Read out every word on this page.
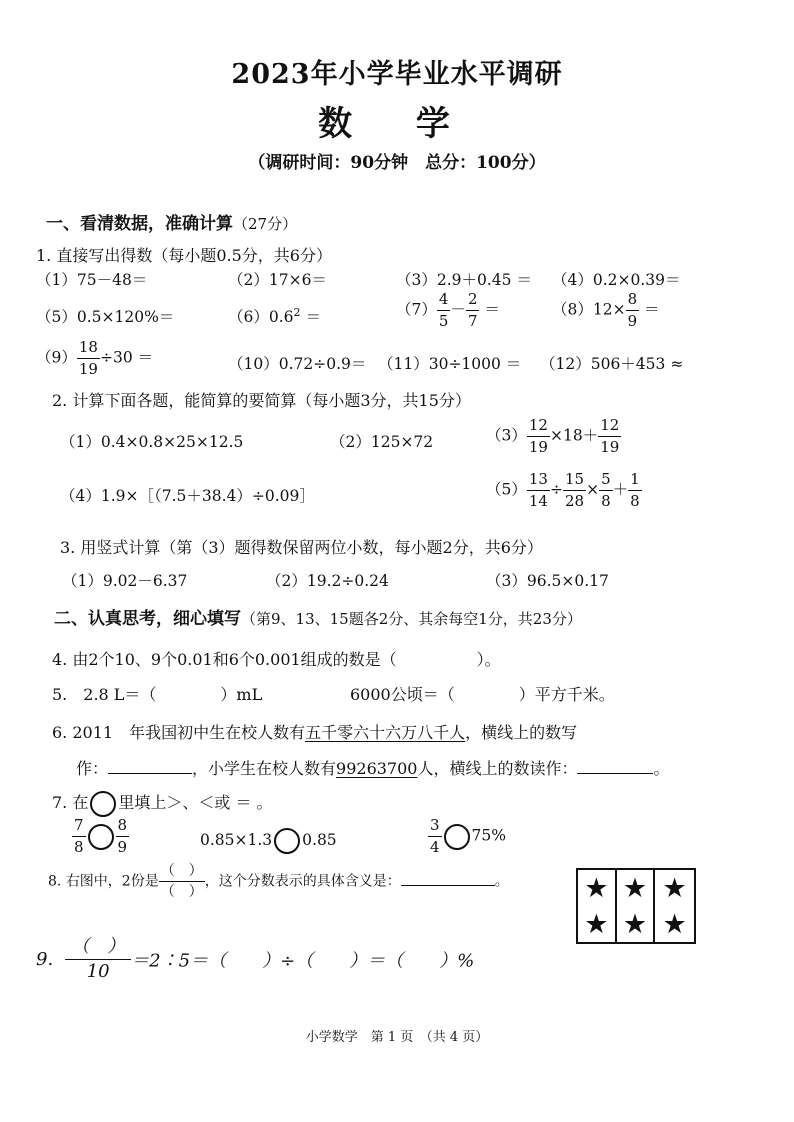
2023年小学毕业水平调研
数 学
（调研时间：90分钟　总分：100分）
一、看清数据，准确计算（27分）
1. 直接写出得数（每小题0.5分，共6分）
（1）75－48＝	（2）17×6＝	（3）2.9＋0.45 ＝ （4）0.2×0.39＝
（5）0.5×120%＝	$(6)0.6^2$ ＝	$(7) \frac{4}{5} - \frac{2}{7}$ ＝	$(8)12\times \frac{8}{9}$ ＝
$(9) \frac{18}{19} \div 30$ ＝	（10）0.72÷0.9＝ （11）30÷1000 ＝ （12）506＋453 ≈
2. 计算下面各题，能简算的要简算（每小题3分，共15分）
（1）0.4×0.8×25×12.5	（2）125×72	$(3) \frac{12}{19} \times 18+ \frac{12}{19}$
（4）1.9×［（7.5＋38.4）÷0.09］	$(5) \frac{13}{14} \div \frac{15}{28} \times \frac{5}{8} + \frac{1}{8}$
3. 用竖式计算（第（3）题得数保留两位小数，每小题2分，共6分）
（1）9.02－6.37	（2）19.2÷0.24	（3）96.5×0.17
二、认真思考，细心填写（第9、13、15题各2分、其余每空1分，共23分）
4. 由2个10、9个0.01和6个0.001组成的数是（　　　　　）。
5.　2.8 L＝（　　　　）mL	6000公顷＝（　　　　）平方千米。
6. 2011　年我国初中生在校人数有五千零六十六万八千人，横线上的数写
作：	，小学生在校人数有99263700人，横线上的数读作：	。
7. 在 里填上＞、＜或 ＝ 。
$\frac{7}{8} \frac{8}{9}$	0.85×1.3 0.85	$\frac{3}{4} 75\%$
8. 右图中，2份是 $\frac{( )}{( )}$ ，这个分数表示的具体含义是：	。	★ ★ ★
★ ★ ★
9. $\frac{( )}{10}$ ＝2∶5＝（　　）÷（　　）＝（　　）%
小学数学　第 1 页　（共 4 页）
